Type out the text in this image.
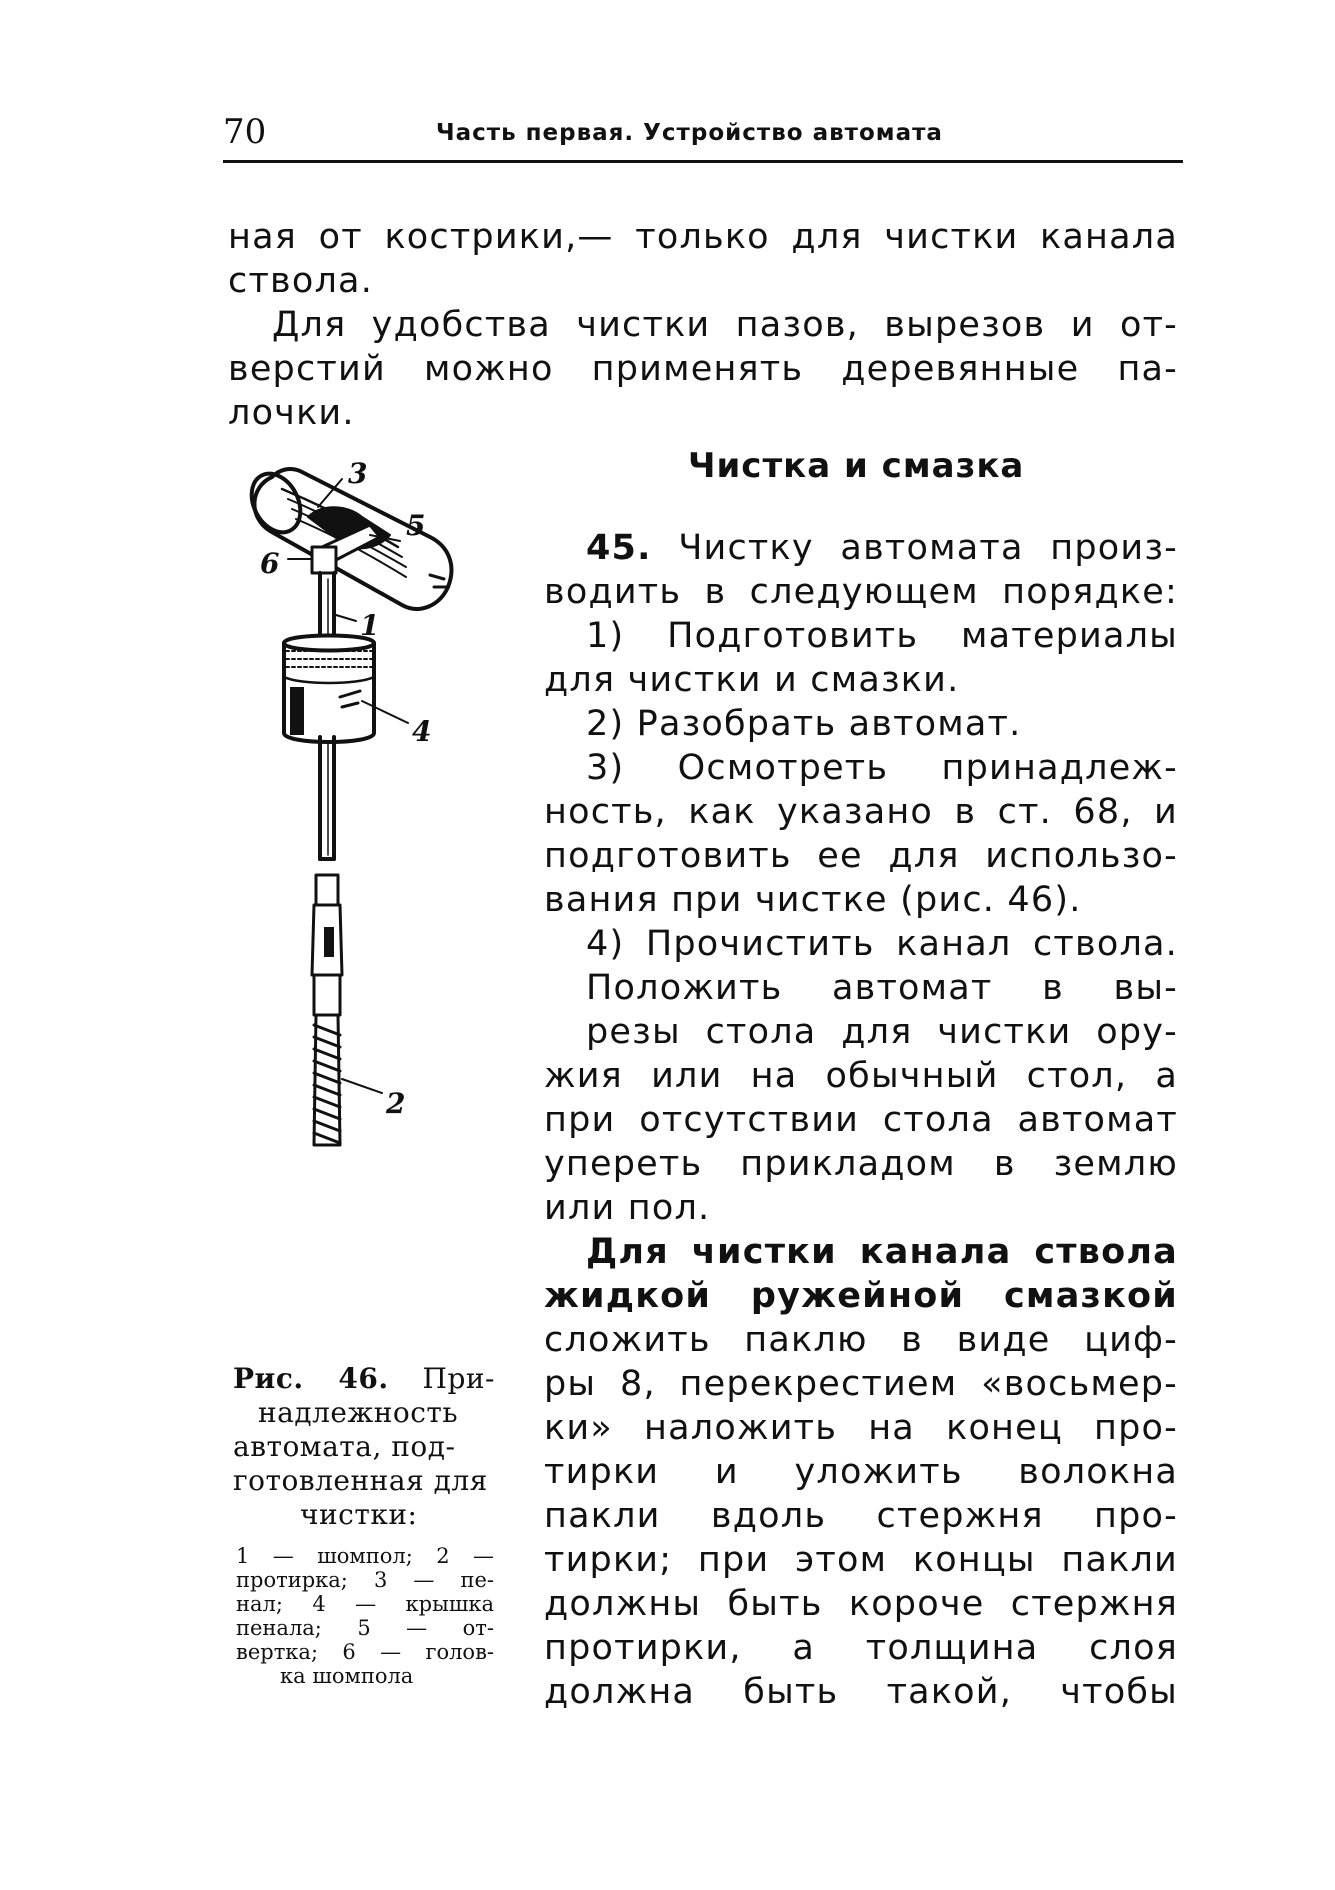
70	Часть первая. Устройство автомата
ная от кострики,— только для чистки канала
ствола.
Для удобства чистки пазов, вырезов и от-
верстий можно применять деревянные па-
лочки.
Чистка и смазка
45. Чистку автомата произ-
водить в следующем порядке:
1) Подготовить материалы
для чистки и смазки.
2) Разобрать автомат.
3) Осмотреть принадлеж-
ность, как указано в ст. 68, и
подготовить ее для использо-
вания при чистке (рис. 46).
4) Прочистить канал ствола.
Положить автомат в вы-
резы стола для чистки ору-
жия или на обычный стол, а
при отсутствии стола автомат
упереть прикладом в землю
или пол.
Для чистки канала ствола
жидкой ружейной смазкой
сложить паклю в виде циф-
ры 8, перекрестием «восьмер-
ки» наложить на конец про-
тирки и уложить волокна
пакли вдоль стержня про-
тирки; при этом концы пакли
должны быть короче стержня
протирки, а толщина слоя
должна быть такой, чтобы
3
5
6
1
4
2
Рис. 46. При-
надлежность
автомата, под-
готовленная для
чистки:
1 — шомпол; 2 —
протирка; 3 — пе-
нал; 4 — крышка
пенала; 5 — от-
вертка; 6 — голов-
ка шомпола
